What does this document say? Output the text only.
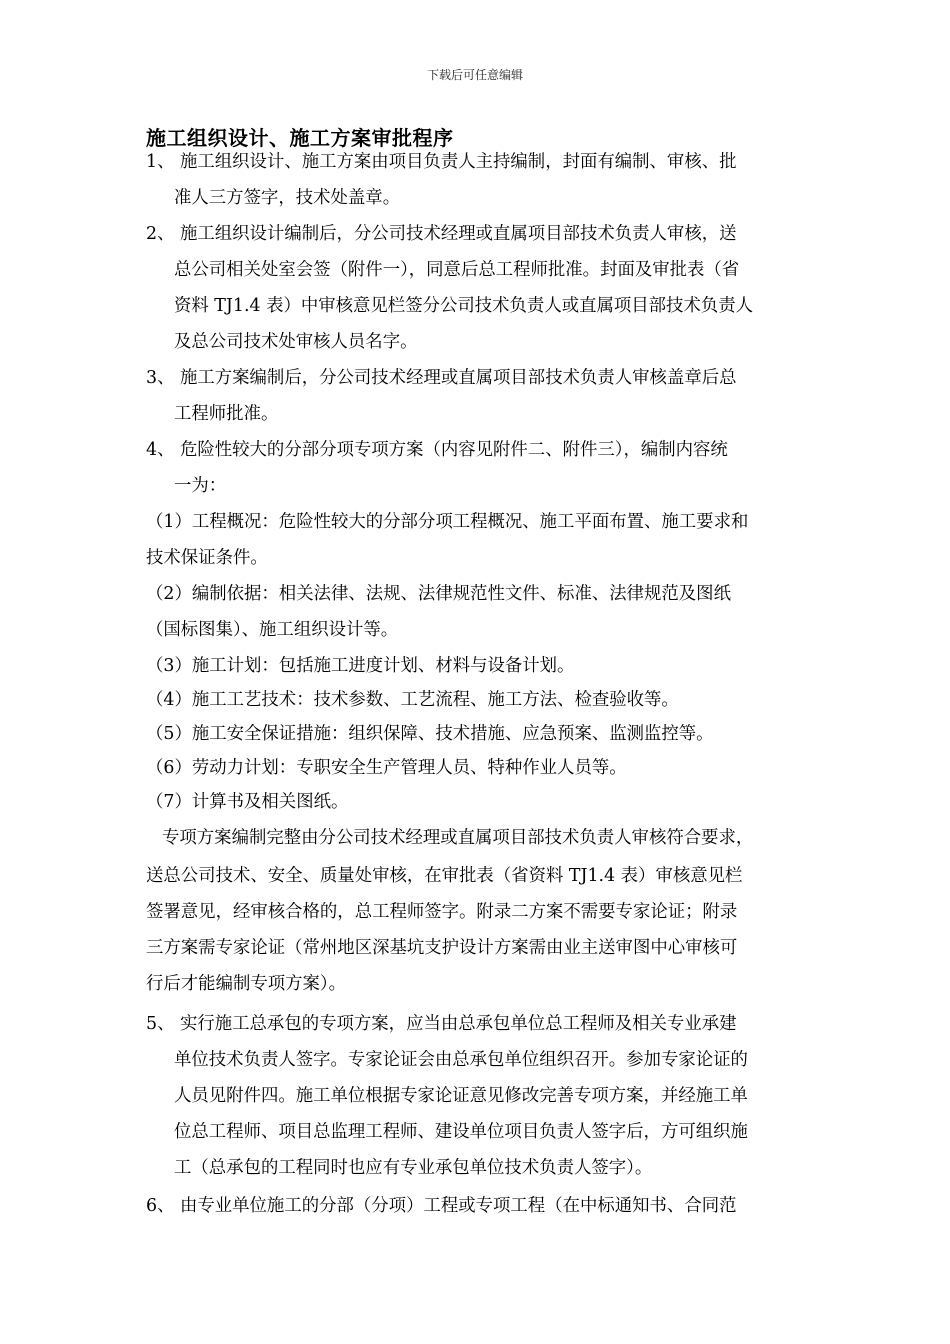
下载后可任意编辑
施工组织设计、施工方案审批程序
1、 施工组织设计、施工方案由项目负责人主持编制，封面有编制、审核、批
准人三方签字，技术处盖章。
2、 施工组织设计编制后，分公司技术经理或直属项目部技术负责人审核，送
总公司相关处室会签（附件一），同意后总工程师批准。封面及审批表（省
资料 TJ1.4 表）中审核意见栏签分公司技术负责人或直属项目部技术负责人
及总公司技术处审核人员名字。
3、 施工方案编制后，分公司技术经理或直属项目部技术负责人审核盖章后总
工程师批准。
4、 危险性较大的分部分项专项方案（内容见附件二、附件三），编制内容统
一为：
（1）工程概况：危险性较大的分部分项工程概况、施工平面布置、施工要求和
技术保证条件。
（2）编制依据：相关法律、法规、法律规范性文件、标准、法律规范及图纸
（国标图集）、施工组织设计等。
（3）施工计划：包括施工进度计划、材料与设备计划。
（4）施工工艺技术：技术参数、工艺流程、施工方法、检查验收等。
（5）施工安全保证措施：组织保障、技术措施、应急预案、监测监控等。
（6）劳动力计划：专职安全生产管理人员、特种作业人员等。
（7）计算书及相关图纸。
专项方案编制完整由分公司技术经理或直属项目部技术负责人审核符合要求，
送总公司技术、安全、质量处审核，在审批表（省资料 TJ1.4 表）审核意见栏
签署意见，经审核合格的，总工程师签字。附录二方案不需要专家论证；附录
三方案需专家论证（常州地区深基坑支护设计方案需由业主送审图中心审核可
行后才能编制专项方案）。
5、 实行施工总承包的专项方案，应当由总承包单位总工程师及相关专业承建
单位技术负责人签字。专家论证会由总承包单位组织召开。参加专家论证的
人员见附件四。施工单位根据专家论证意见修改完善专项方案，并经施工单
位总工程师、项目总监理工程师、建设单位项目负责人签字后，方可组织施
工（总承包的工程同时也应有专业承包单位技术负责人签字）。
6、 由专业单位施工的分部（分项）工程或专项工程（在中标通知书、合同范
